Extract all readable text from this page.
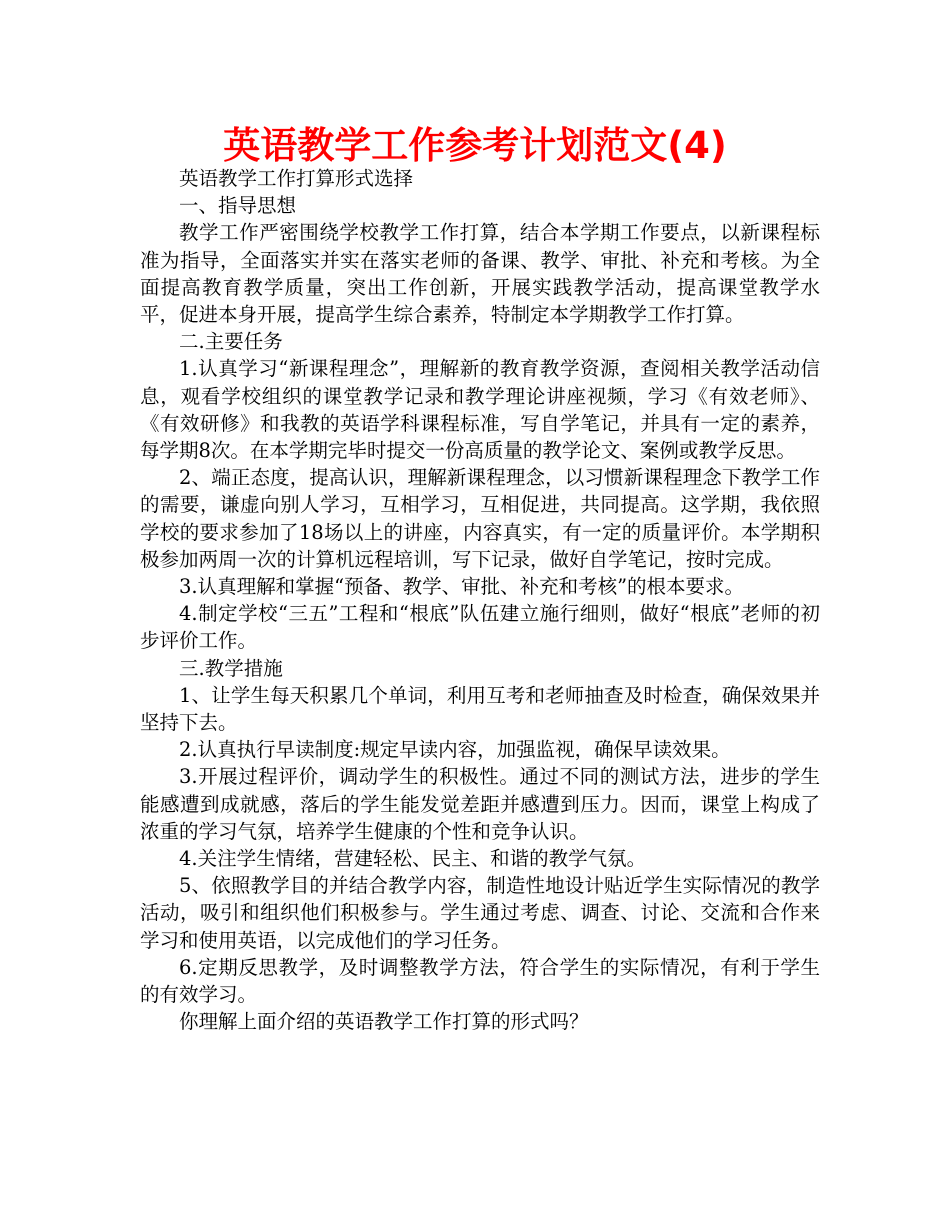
英语教学工作参考计划范文(4)

英语教学工作打算形式选择

一、指导思想

教学工作严密围绕学校教学工作打算，结合本学期工作要点，以新课程标准为指导，全面落实并实在落实老师的备课、教学、审批、补充和考核。为全面提高教育教学质量，突出工作创新，开展实践教学活动，提高课堂教学水平，促进本身开展，提高学生综合素养，特制定本学期教学工作打算。

二.主要任务

1.认真学习“新课程理念”，理解新的教育教学资源，查阅相关教学活动信息，观看学校组织的课堂教学记录和教学理论讲座视频，学习《有效老师》、《有效研修》和我教的英语学科课程标准，写自学笔记，并具有一定的素养，每学期8次。在本学期完毕时提交一份高质量的教学论文、案例或教学反思。

2、端正态度，提高认识，理解新课程理念，以习惯新课程理念下教学工作的需要，谦虚向别人学习，互相学习，互相促进，共同提高。这学期，我依照学校的要求参加了18场以上的讲座，内容真实，有一定的质量评价。本学期积极参加两周一次的计算机远程培训，写下记录，做好自学笔记，按时完成。

3.认真理解和掌握“预备、教学、审批、补充和考核”的根本要求。

4.制定学校“三五”工程和“根底”队伍建立施行细则，做好“根底”老师的初步评价工作。

三.教学措施

1、让学生每天积累几个单词，利用互考和老师抽查及时检查，确保效果并坚持下去。

2.认真执行早读制度:规定早读内容，加强监视，确保早读效果。

3.开展过程评价，调动学生的积极性。通过不同的测试方法，进步的学生能感遭到成就感，落后的学生能发觉差距并感遭到压力。因而，课堂上构成了浓重的学习气氛，培养学生健康的个性和竞争认识。

4.关注学生情绪，营建轻松、民主、和谐的教学气氛。

5、依照教学目的并结合教学内容，制造性地设计贴近学生实际情况的教学活动，吸引和组织他们积极参与。学生通过考虑、调查、讨论、交流和合作来学习和使用英语，以完成他们的学习任务。

6.定期反思教学，及时调整教学方法，符合学生的实际情况，有利于学生的有效学习。

你理解上面介绍的英语教学工作打算的形式吗？
